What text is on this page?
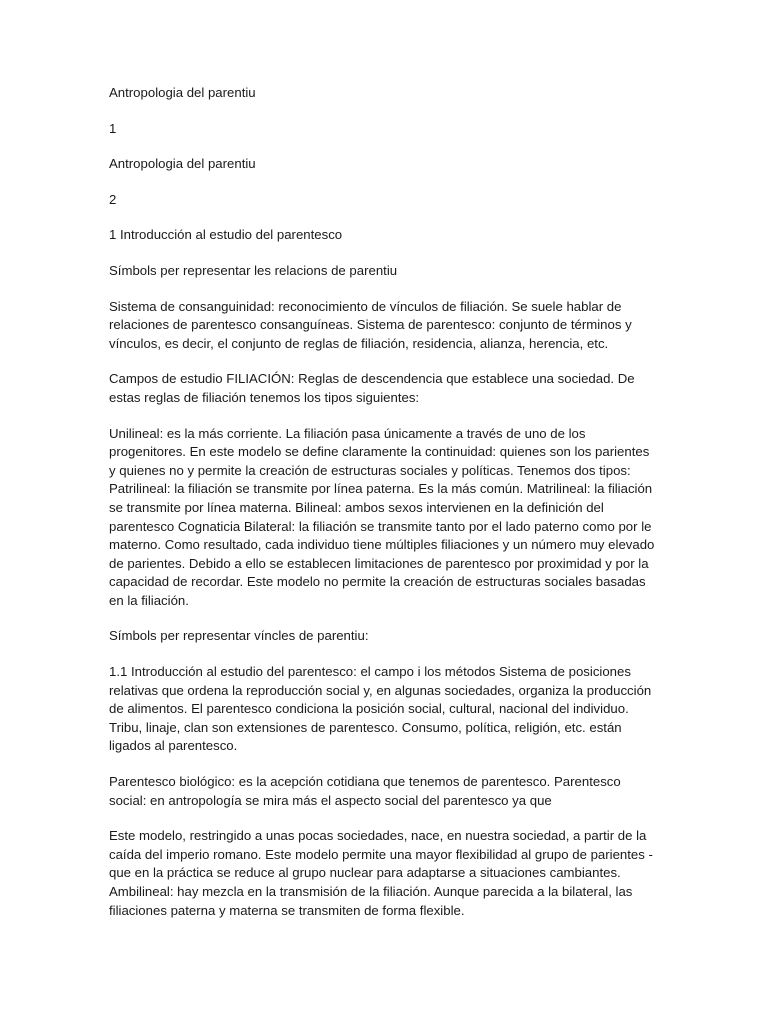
Antropologia del parentiu

1

Antropologia del parentiu

2

1 Introducción al estudio del parentesco

Símbols per representar les relacions de parentiu

Sistema de consanguinidad: reconocimiento de vínculos de filiación. Se suele hablar de relaciones de parentesco consanguíneas. Sistema de parentesco: conjunto de términos y vínculos, es decir, el conjunto de reglas de filiación, residencia, alianza, herencia, etc.

Campos de estudio FILIACIÓN: Reglas de descendencia que establece una sociedad. De estas reglas de filiación tenemos los tipos siguientes:

Unilineal: es la más corriente. La filiación pasa únicamente a través de uno de los progenitores. En este modelo se define claramente la continuidad: quienes son los parientes y quienes no y permite la creación de estructuras sociales y políticas. Tenemos dos tipos: Patrilineal: la filiación se transmite por línea paterna. Es la más común. Matrilineal: la filiación se transmite por línea materna. Bilineal: ambos sexos intervienen en la definición del parentesco Cognaticia Bilateral: la filiación se transmite tanto por el lado paterno como por le materno. Como resultado, cada individuo tiene múltiples filiaciones y un número muy elevado de parientes. Debido a ello se establecen limitaciones de parentesco por proximidad y por la capacidad de recordar. Este modelo no permite la creación de estructuras sociales basadas en la filiación.

Símbols per representar víncles de parentiu:

1.1 Introducción al estudio del parentesco: el campo i los métodos Sistema de posiciones relativas que ordena la reproducción social y, en algunas sociedades, organiza la producción de alimentos. El parentesco condiciona la posición social, cultural, nacional del individuo. Tribu, linaje, clan son extensiones de parentesco. Consumo, política, religión, etc. están ligados al parentesco.

Parentesco biológico: es la acepción cotidiana que tenemos de parentesco. Parentesco social: en antropología se mira más el aspecto social del parentesco ya que

Este modelo, restringido a unas pocas sociedades, nace, en nuestra sociedad, a partir de la caída del imperio romano. Este modelo permite una mayor flexibilidad al grupo de parientes - que en la práctica se reduce al grupo nuclear para adaptarse a situaciones cambiantes. Ambilineal: hay mezcla en la transmisión de la filiación. Aunque parecida a la bilateral, las filiaciones paterna y materna se transmiten de forma flexible.
